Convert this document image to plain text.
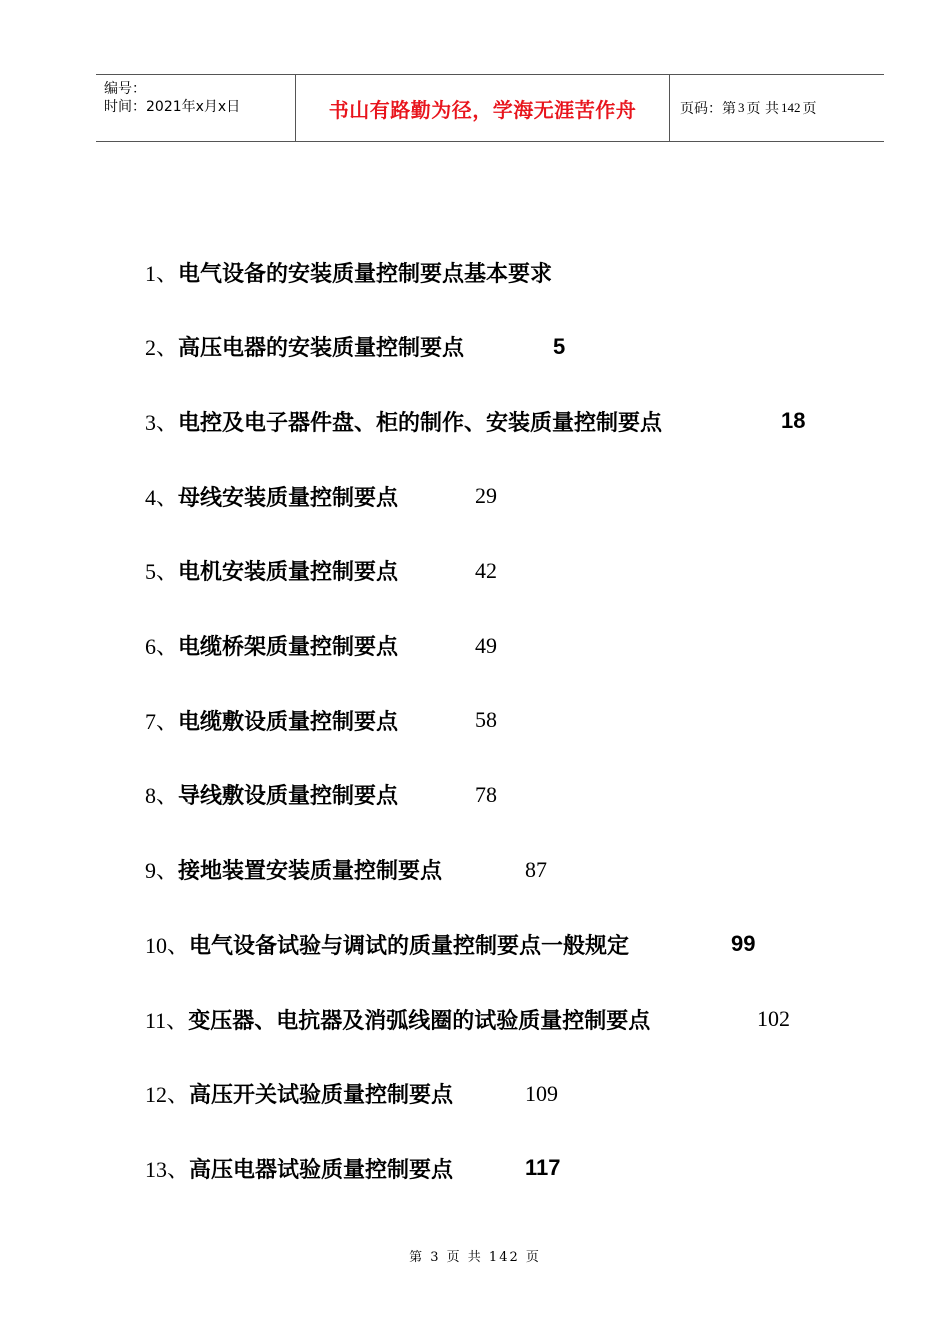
编号：
时间：2021年x月x日	书山有路勤为径，学海无涯苦作舟	页码：第 3 页 共 142 页
1、 电气设备的安装质量控制要点基本要求
2、 高压电器的安装质量控制要点	5
3、 电控及电子器件盘、柜的制作、安装质量控制要点	18
4、 母线安装质量控制要点	29
5、 电机安装质量控制要点	42
6、 电缆桥架质量控制要点	49
7、 电缆敷设质量控制要点	58
8、 导线敷设质量控制要点	78
9、 接地装置安装质量控制要点	87
10、 电气设备试验与调试的质量控制要点一般规定	99
11、 变压器、电抗器及消弧线圈的试验质量控制要点	102
12、 高压开关试验质量控制要点	109
13、 高压电器试验质量控制要点	117
第 3 页 共 142 页
